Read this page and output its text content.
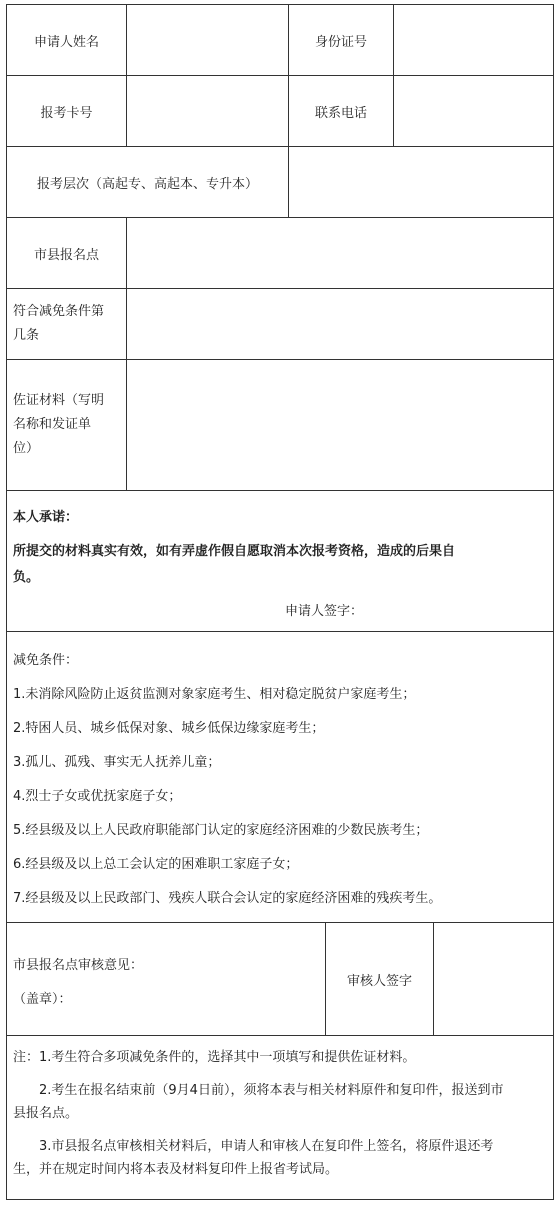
申请人姓名	身份证号
报考卡号	联系电话
报考层次（高起专、高起本、专升本）
市县报名点
符合减免条件第
几条
佐证材料（写明
名称和发证单
位）
本人承诺：
所提交的材料真实有效，如有弄虚作假自愿取消本次报考资格，造成的后果自
负。
申请人签字：
减免条件：
1.未消除风险防止返贫监测对象家庭考生、相对稳定脱贫户家庭考生；
2.特困人员、城乡低保对象、城乡低保边缘家庭考生；
3.孤儿、孤残、事实无人抚养儿童；
4.烈士子女或优抚家庭子女；
5.经县级及以上人民政府职能部门认定的家庭经济困难的少数民族考生；
6.经县级及以上总工会认定的困难职工家庭子女；
7.经县级及以上民政部门、残疾人联合会认定的家庭经济困难的残疾考生。
市县报名点审核意见：
（盖章）：
审核人签字
注：1.考生符合多项减免条件的，选择其中一项填写和提供佐证材料。
2.考生在报名结束前（9月4日前），须将本表与相关材料原件和复印件，报送到市
县报名点。
3.市县报名点审核相关材料后，申请人和审核人在复印件上签名，将原件退还考
生，并在规定时间内将本表及材料复印件上报省考试局。
